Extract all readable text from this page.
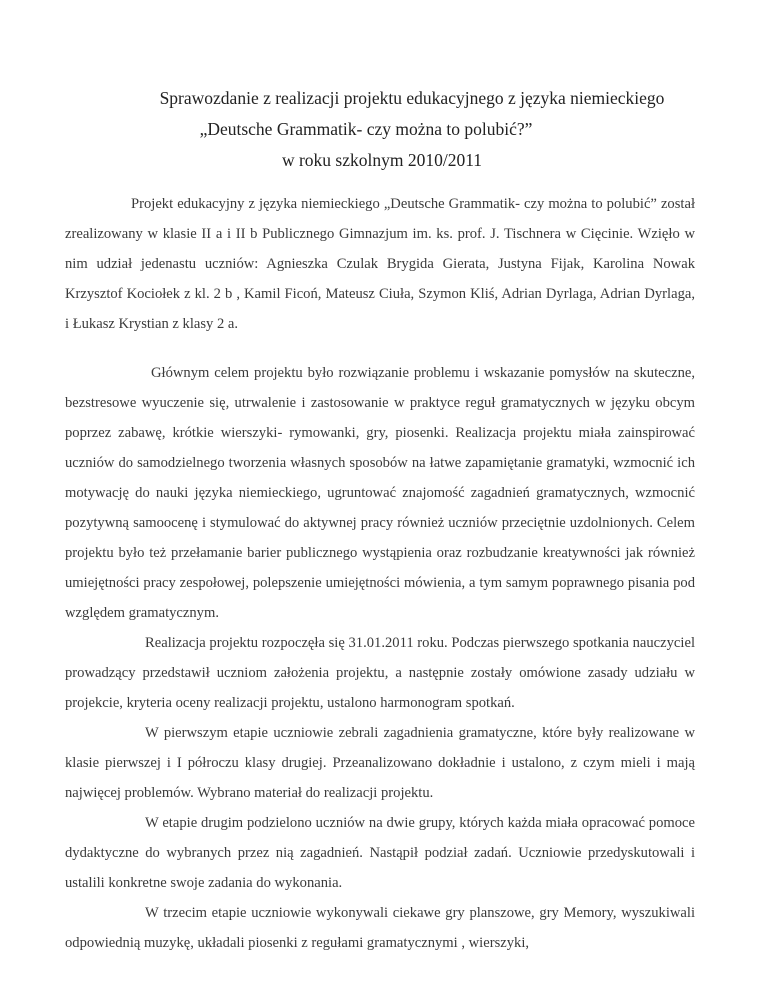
Sprawozdanie z realizacji projektu edukacyjnego z języka niemieckiego
„Deutsche Grammatik- czy można to polubić?”
w roku szkolnym 2010/2011

Projekt edukacyjny z języka niemieckiego „Deutsche Grammatik- czy można to polubić” został zrealizowany w klasie II a i II b Publicznego Gimnazjum im. ks. prof. J. Tischnera w Cięcinie. Wzięło w nim udział jedenastu uczniów: Agnieszka Czulak Brygida Gierata, Justyna Fijak, Karolina Nowak Krzysztof Kociołek z kl. 2 b , Kamil Ficoń, Mateusz Ciuła, Szymon Kliś, Adrian Dyrlaga, Adrian Dyrlaga, i Łukasz Krystian z klasy 2 a.

Głównym celem projektu było rozwiązanie problemu i wskazanie pomysłów na skuteczne, bezstresowe wyuczenie się, utrwalenie i zastosowanie w praktyce reguł gramatycznych w języku obcym poprzez zabawę, krótkie wierszyki- rymowanki, gry, piosenki. Realizacja projektu miała zainspirować uczniów do samodzielnego tworzenia własnych sposobów na łatwe zapamiętanie gramatyki, wzmocnić ich motywację do nauki języka niemieckiego, ugruntować znajomość zagadnień gramatycznych, wzmocnić pozytywną samoocenę i stymulować do aktywnej pracy również uczniów przeciętnie uzdolnionych. Celem projektu było też przełamanie barier publicznego wystąpienia oraz rozbudzanie kreatywności jak również umiejętności pracy zespołowej, polepszenie umiejętności mówienia, a tym samym poprawnego pisania pod względem gramatycznym.

Realizacja projektu rozpoczęła się 31.01.2011 roku. Podczas pierwszego spotkania nauczyciel prowadzący przedstawił uczniom założenia projektu, a następnie zostały omówione zasady udziału w projekcie, kryteria oceny realizacji projektu, ustalono harmonogram spotkań.

W pierwszym etapie uczniowie zebrali zagadnienia gramatyczne, które były realizowane w klasie pierwszej i I półroczu klasy drugiej. Przeanalizowano dokładnie i ustalono, z czym mieli i mają najwięcej problemów. Wybrano materiał do realizacji projektu.

W etapie drugim podzielono uczniów na dwie grupy, których każda miała opracować pomoce dydaktyczne do wybranych przez nią zagadnień. Nastąpił podział zadań. Uczniowie przedyskutowali i ustalili konkretne swoje zadania do wykonania.

W trzecim etapie uczniowie wykonywali ciekawe gry planszowe, gry Memory, wyszukiwali odpowiednią muzykę, układali piosenki z regułami gramatycznymi , wierszyki,
